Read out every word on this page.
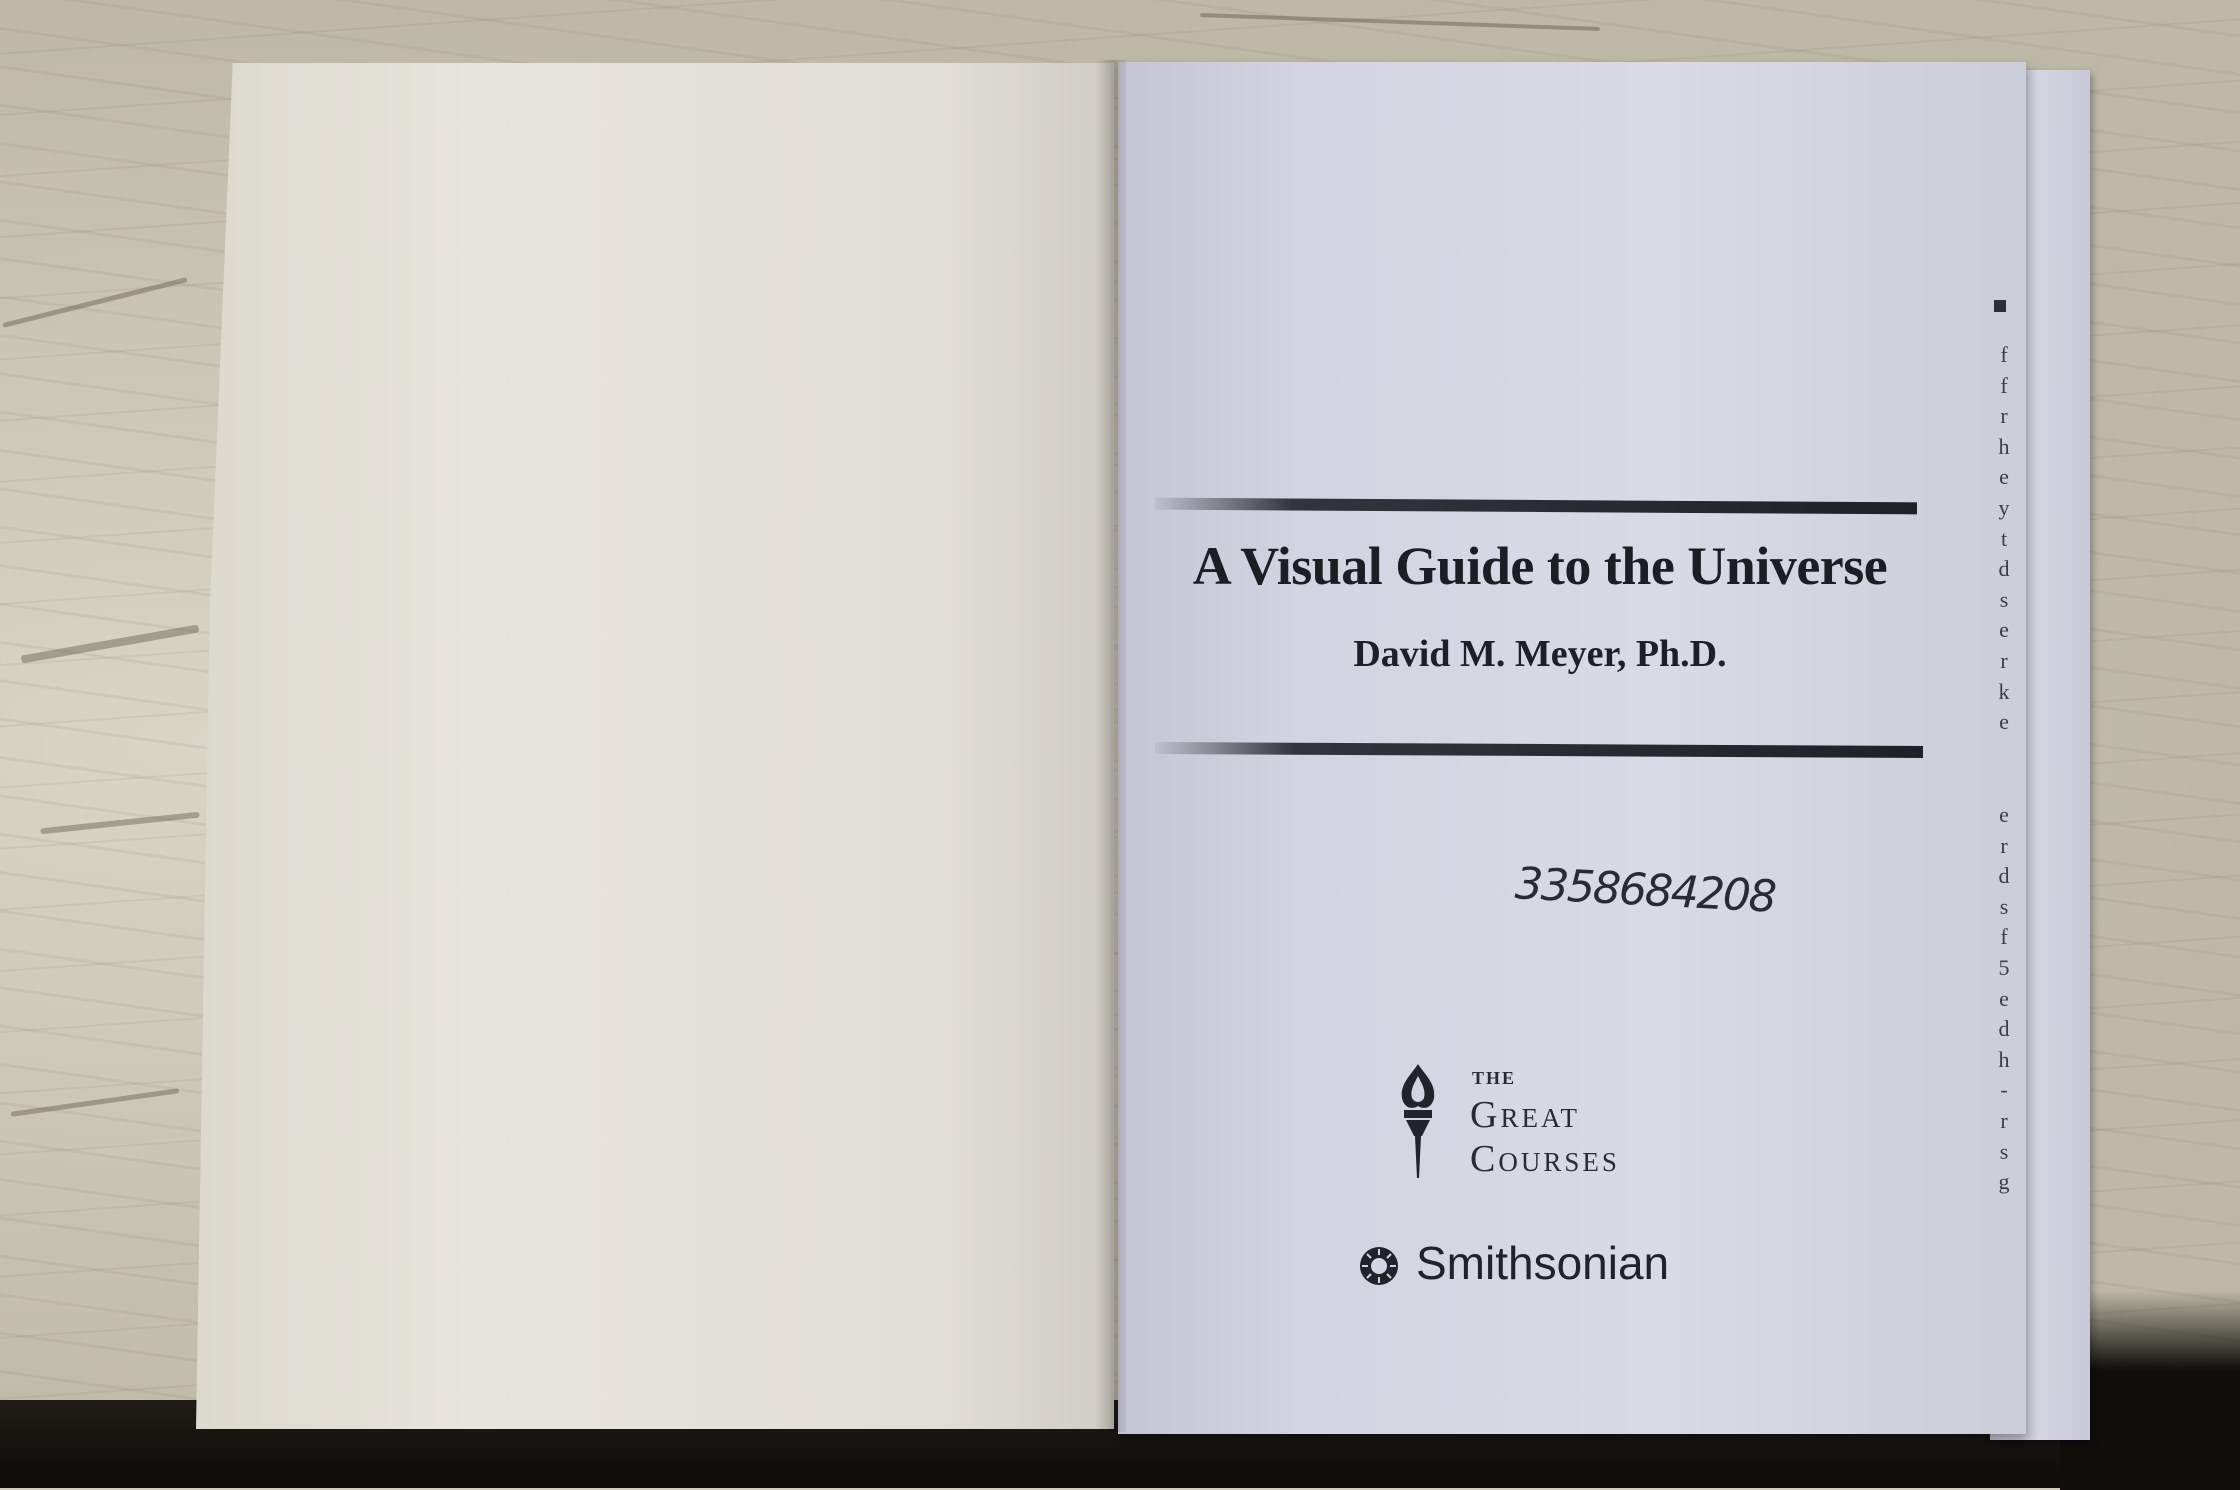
f
f
r
h
e
y
t
d
s
e
r
k
e
e
r
d
s
f
5
e
d
h
-
r
s
g
A Visual Guide to the Universe
David M. Meyer, Ph.D.
3358684208
THE
Great
Courses
Smithsonian
